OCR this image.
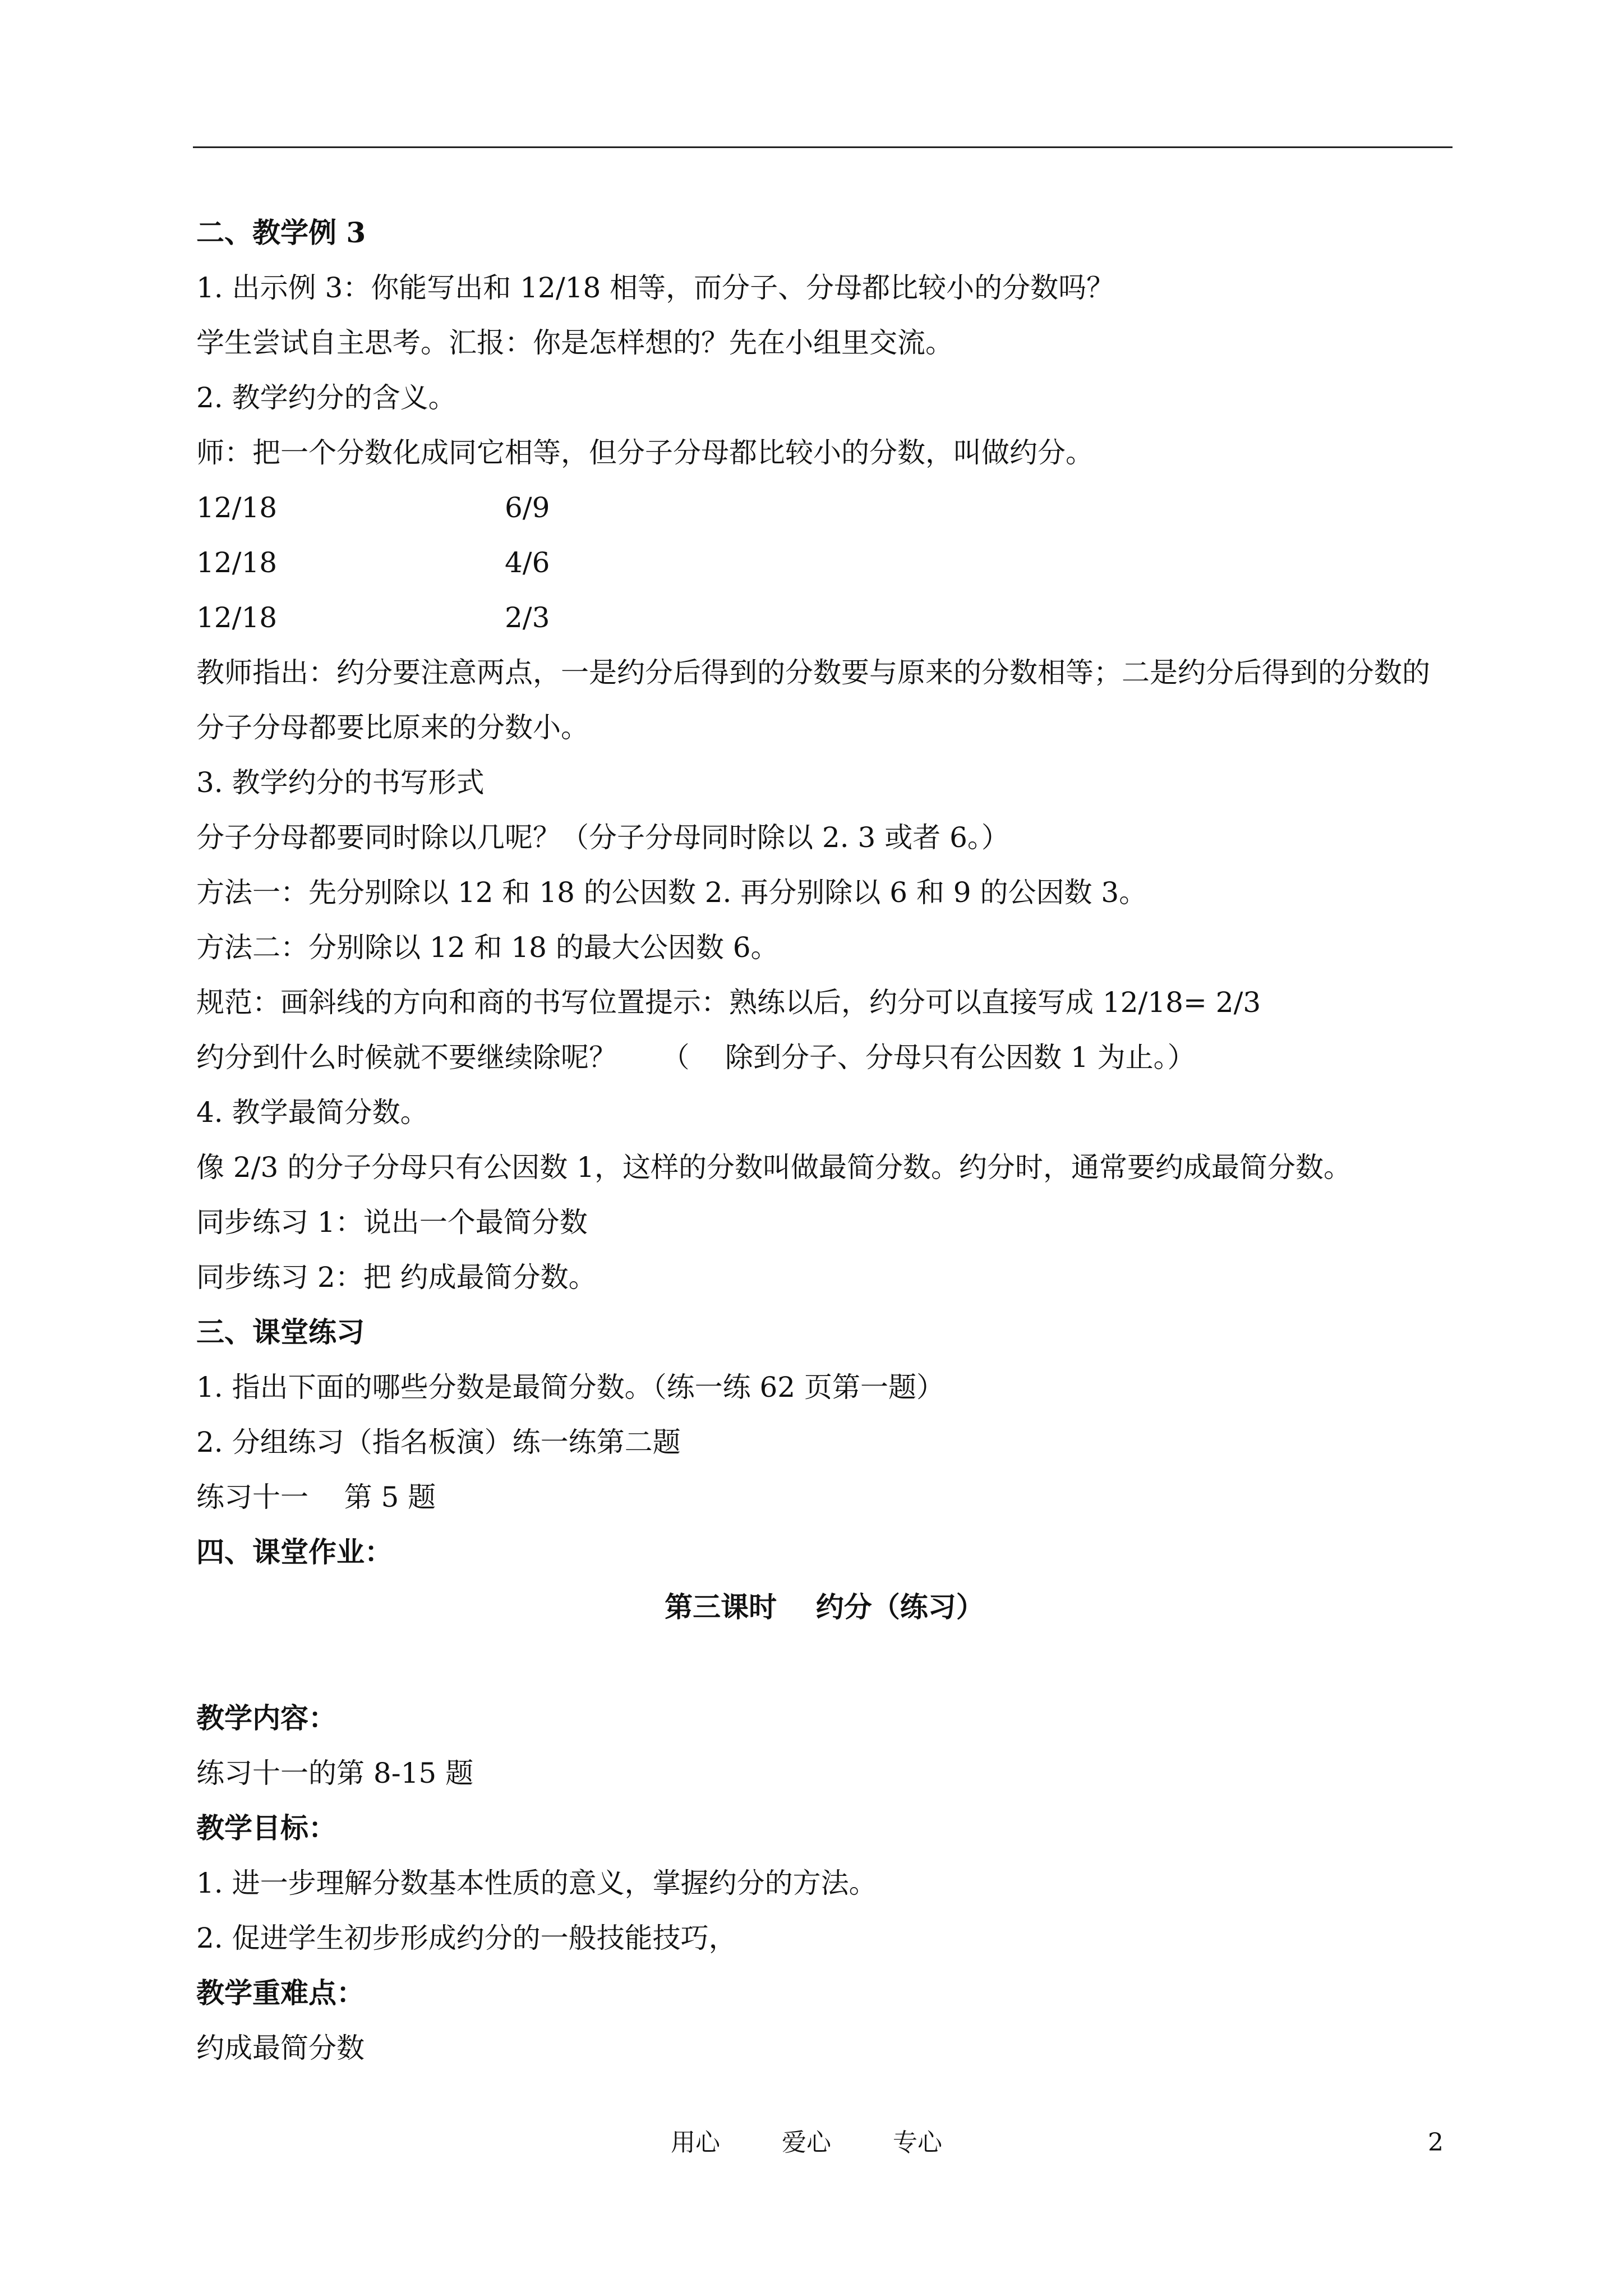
二、教学例 3
1. 出示例 3：你能写出和 12/18 相等，而分子、分母都比较小的分数吗？
学生尝试自主思考。汇报：你是怎样想的？先在小组里交流。
2. 教学约分的含义。
师：把一个分数化成同它相等，但分子分母都比较小的分数，叫做约分。
12/18	6/9
12/18	4/6
12/18	2/3
教师指出：约分要注意两点，一是约分后得到的分数要与原来的分数相等；二是约分后得到的分数的分子分母都要比原来的分数小。
3. 教学约分的书写形式
分子分母都要同时除以几呢？（分子分母同时除以 2. 3 或者 6。）
方法一：先分别除以 12 和 18 的公因数 2. 再分别除以 6 和 9 的公因数 3。
方法二：分别除以 12 和 18 的最大公因数 6。
规范：画斜线的方向和商的书写位置提示：熟练以后，约分可以直接写成 12/18= 2/3
约分到什么时候就不要继续除呢？     （    除到分子、分母只有公因数 1 为止。）
4. 教学最简分数。
像 2/3 的分子分母只有公因数 1，这样的分数叫做最简分数。约分时，通常要约成最简分数。
同步练习 1：说出一个最简分数
同步练习 2：把 约成最简分数。
三、课堂练习
1. 指出下面的哪些分数是最简分数。（练一练 62 页第一题）
2. 分组练习（指名板演）练一练第二题
练习十一    第 5 题
四、课堂作业：
第三课时    约分（练习）
教学内容：
练习十一的第 8-15 题
教学目标：
1. 进一步理解分数基本性质的意义，掌握约分的方法。
2. 促进学生初步形成约分的一般技能技巧，
教学重难点：
约成最简分数
用心	爱心	专心	2
